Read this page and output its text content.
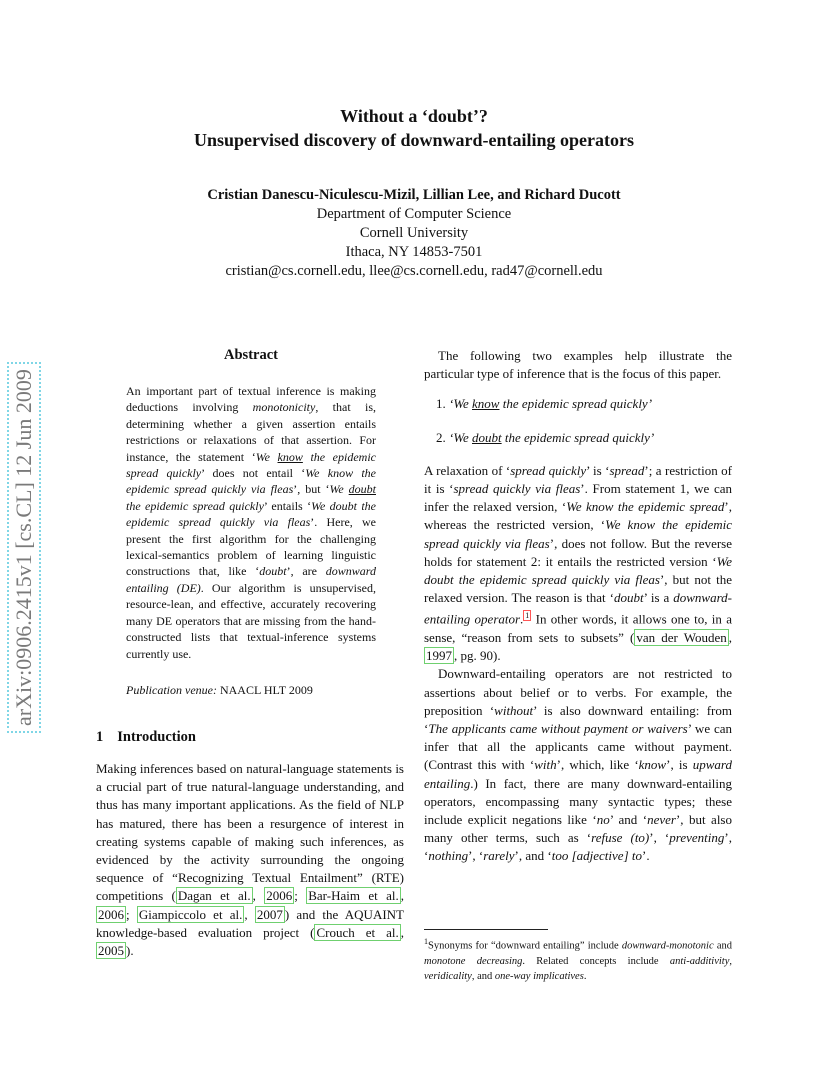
arXiv:0906.2415v1 [cs.CL] 12 Jun 2009
Without a ‘doubt’?
Unsupervised discovery of downward-entailing operators
Cristian Danescu-Niculescu-Mizil, Lillian Lee, and Richard Ducott
Department of Computer Science
Cornell University
Ithaca, NY 14853-7501
cristian@cs.cornell.edu, llee@cs.cornell.edu, rad47@cornell.edu
Abstract
An important part of textual inference is making deductions involving monotonicity, that is, determining whether a given assertion entails restrictions or relaxations of that assertion. For instance, the statement ‘We know the epidemic spread quickly’ does not entail ‘We know the epidemic spread quickly via fleas’, but ‘We doubt the epidemic spread quickly’ entails ‘We doubt the epidemic spread quickly via fleas’. Here, we present the first algorithm for the challenging lexical-semantics problem of learning linguistic constructions that, like ‘doubt’, are downward entailing (DE). Our algorithm is unsupervised, resource-lean, and effective, accurately recovering many DE operators that are missing from the hand-constructed lists that textual-inference systems currently use.
Publication venue: NAACL HLT 2009
1 Introduction
Making inferences based on natural-language statements is a crucial part of true natural-language understanding, and thus has many important applications. As the field of NLP has matured, there has been a resurgence of interest in creating systems capable of making such inferences, as evidenced by the activity surrounding the ongoing sequence of “Recognizing Textual Entailment” (RTE) competitions ( Dagan et al. , 2006 ; Bar-Haim et al. , 2006 ; Giampiccolo et al. , 2007 ) and the AQUAINT knowledge-based evaluation project ( Crouch et al. , 2005 ).

The following two examples help illustrate the particular type of inference that is the focus of this paper.

1. ‘We know the epidemic spread quickly’
2. ‘We doubt the epidemic spread quickly’

A relaxation of ‘spread quickly’ is ‘spread’; a restriction of it is ‘spread quickly via fleas’. From statement 1, we can infer the relaxed version, ‘We know the epidemic spread’, whereas the restricted version, ‘We know the epidemic spread quickly via fleas’, does not follow. But the reverse holds for statement 2: it entails the restricted version ‘We doubt the epidemic spread quickly via fleas’, but not the relaxed version. The reason is that ‘doubt’ is a downward-entailing operator. $^1$ In other words, it allows one to, in a sense, “reason from sets to subsets” ( van der Wouden , 1997 , pg. 90).

Downward-entailing operators are not restricted to assertions about belief or to verbs. For example, the preposition ‘without’ is also downward entailing: from ‘The applicants came without payment or waivers’ we can infer that all the applicants came without payment. (Contrast this with ‘with’, which, like ‘know’, is upward entailing.) In fact, there are many downward-entailing operators, encompassing many syntactic types; these include explicit negations like ‘no’ and ‘never’, but also many other terms, such as ‘refuse (to)’, ‘preventing’, ‘nothing’, ‘rarely’, and ‘too [adjective] to’.

$^1$Synonyms for “downward entailing” include downward-monotonic and monotone decreasing. Related concepts include anti-additivity, veridicality, and one-way implicatives.
